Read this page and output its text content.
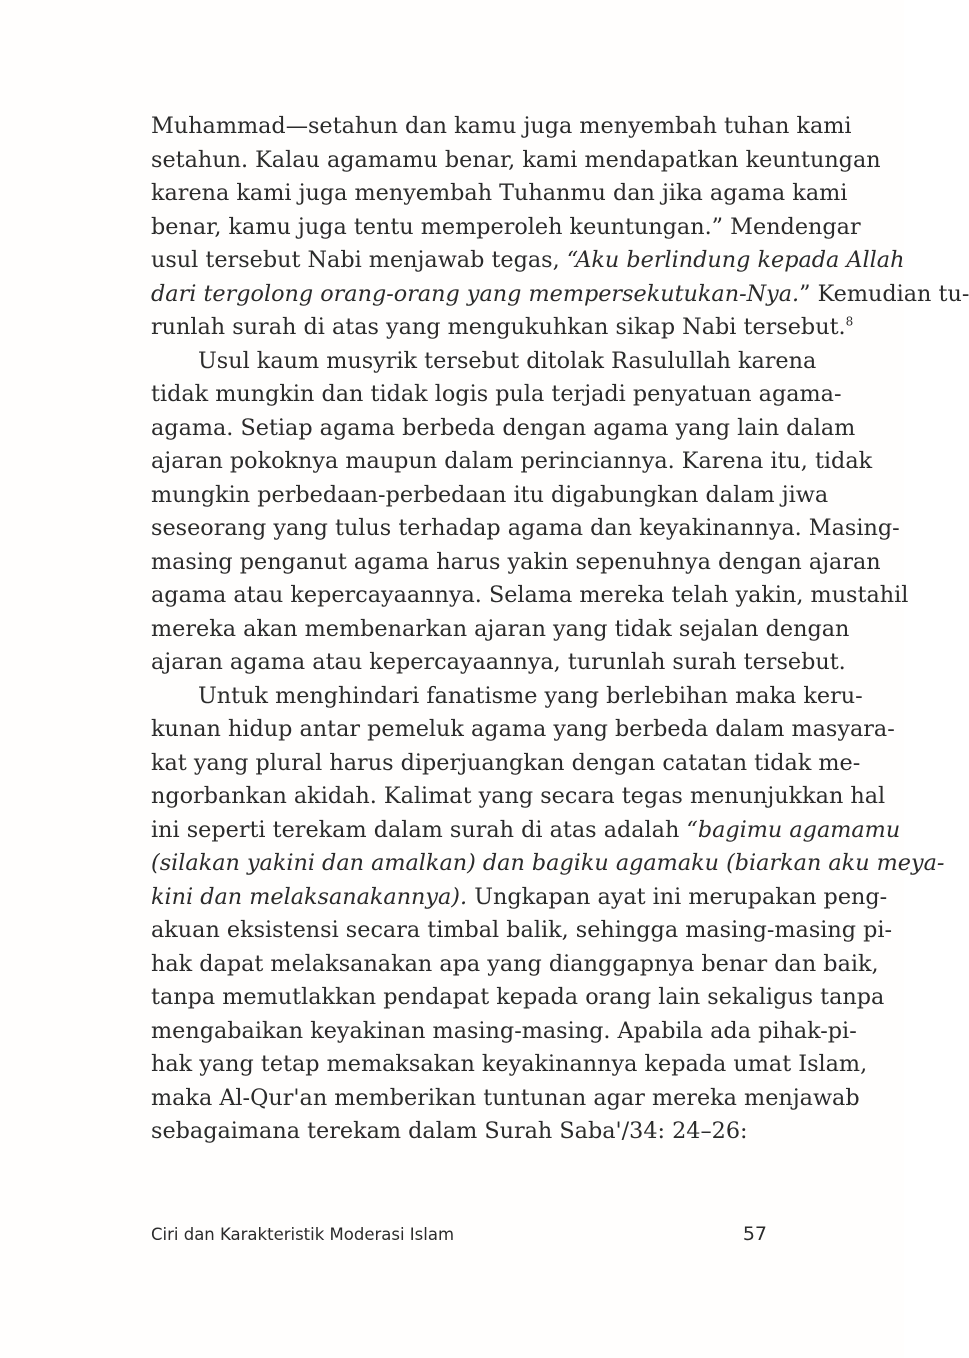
Muhammad—setahun dan kamu juga menyembah tuhan kami
setahun. Kalau agamamu benar, kami mendapatkan keuntungan
karena kami juga menyembah Tuhanmu dan jika agama kami
benar, kamu juga tentu memperoleh keuntungan.” Mendengar
usul tersebut Nabi menjawab tegas, “Aku berlindung kepada Allah
dari tergolong orang-orang yang mempersekutukan-Nya.” Kemudian tu-
runlah surah di atas yang mengukuhkan sikap Nabi tersebut.$^8$
Usul kaum musyrik tersebut ditolak Rasulullah karena
tidak mungkin dan tidak logis pula terjadi penyatuan agama-
agama. Setiap agama berbeda dengan agama yang lain dalam
ajaran pokoknya maupun dalam perinciannya. Karena itu, tidak
mungkin perbedaan-perbedaan itu digabungkan dalam jiwa
seseorang yang tulus terhadap agama dan keyakinannya. Masing-
masing penganut agama harus yakin sepenuhnya dengan ajaran
agama atau kepercayaannya. Selama mereka telah yakin, mustahil
mereka akan membenarkan ajaran yang tidak sejalan dengan
ajaran agama atau kepercayaannya, turunlah surah tersebut.
Untuk menghindari fanatisme yang berlebihan maka keru-
kunan hidup antar pemeluk agama yang berbeda dalam masyara-
kat yang plural harus diperjuangkan dengan catatan tidak me-
ngorbankan akidah. Kalimat yang secara tegas menunjukkan hal
ini seperti terekam dalam surah di atas adalah “bagimu agamamu
(silakan yakini dan amalkan) dan bagiku agamaku (biarkan aku meya-
kini dan melaksanakannya). Ungkapan ayat ini merupakan peng-
akuan eksistensi secara timbal balik, sehingga masing-masing pi-
hak dapat melaksanakan apa yang dianggapnya benar dan baik,
tanpa memutlakkan pendapat kepada orang lain sekaligus tanpa
mengabaikan keyakinan masing-masing. Apabila ada pihak-pi-
hak yang tetap memaksakan keyakinannya kepada umat Islam,
maka Al-Qur'an memberikan tuntunan agar mereka menjawab
sebagaimana terekam dalam Surah Saba'/34: 24–26:
Ciri dan Karakteristik Moderasi Islam	57
